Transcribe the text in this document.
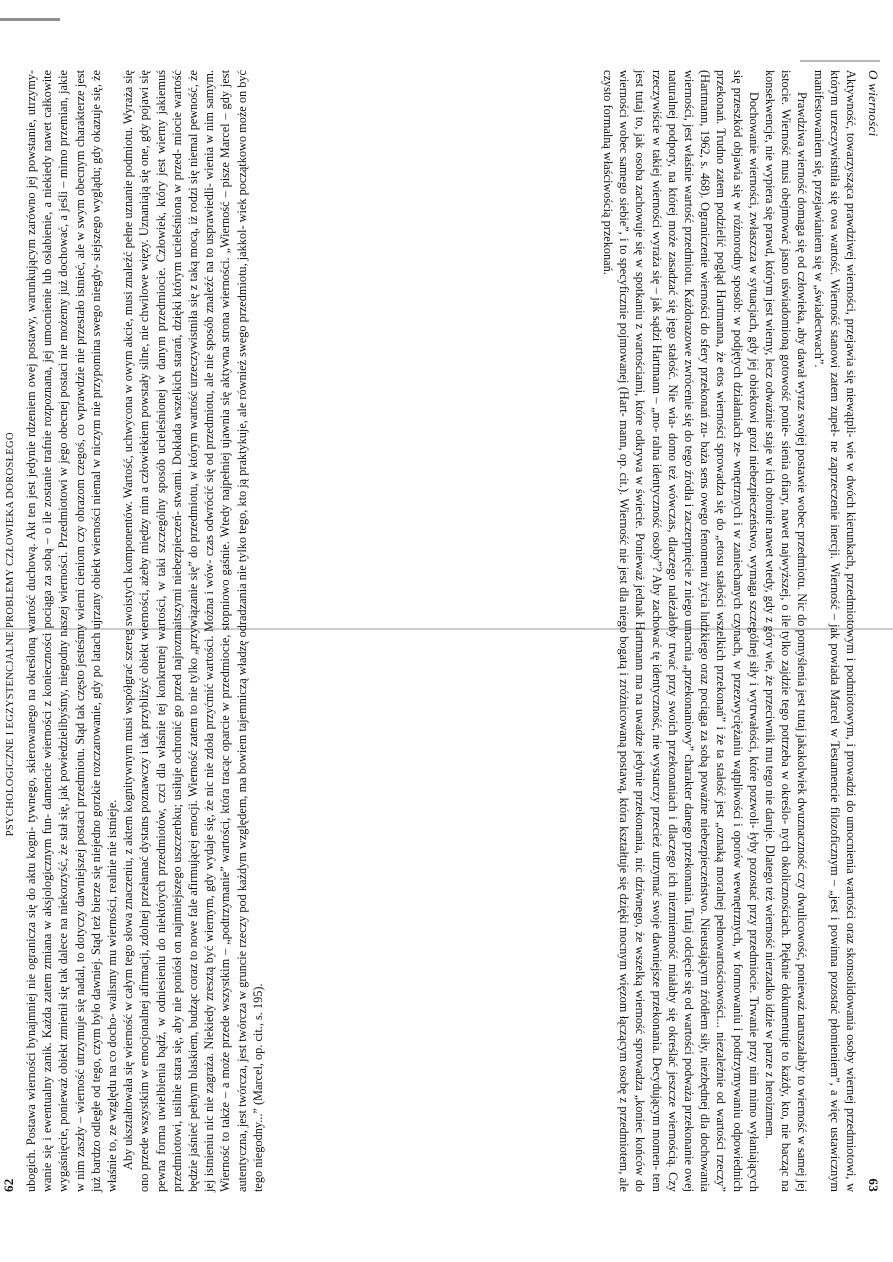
62
PSYCHOLOGICZNE I EGZYSTENCJALNE PROBLEMY CZŁOWIEKA DOROSŁEGO ubogich. Postawa wierności bynajmniej nie ogranicza się do aktu kogni- tywnego, skierowanego na określoną wartość duchową. Akt ten jest jedynie rdzeniem owej postawy, warunkującym zarówno jej powstanie, utrzymy- wanie się i ewentualny zanik. Każda zatem zmiana w aksjologicznym fun- damencie wierności z konieczności pociąga za sobą – o ile zostanie trafnie rozpoznana, jej umocnienie lub osłabienie, a niekiedy nawet całkowite wygaśnięcie, ponieważ obiekt zmienił się tak dalece na niekorzyść, że stał się, jak powiedzielibyśmy, niegodny naszej wierności. Przedmiotowi w jego obecnej postaci nie możemy już dochować, a jeśli – mimo przemian, jakie w nim zaszły – wierność utrzymuje się nadal, to dotyczy dawniejszej postaci przedmiotu. Stąd tak często jesteśmy wierni cieniom czy obrazom czegoś, co wprawdzie nie przestało istnieć, ale w swym obecnym charakterze jest już bardzo odległe od tego, czym było dawniej. Stąd też bierze się niejedno gorzkie rozczarowanie, gdy po latach ujrzany obiekt wierności niemal w niczym nie przypomina swego niegdy- siejszego wyglądu; gdy okazuje się, że właśnie to, ze względu na co docho- walismy mu wierności, realnie nie istnieje. Aby ukształtowała się wierność w całym tego słowa znaczeniu, z aktem kognitywnym musi współgrać szereg swoistych komponentów. Wartość, uchwycona w owym akcie, musi znaleźć pełne uznanie podmiotu. Wyraża się ono przede wszystkim w emocjonalnej afirmacji, zdolnej przełamać dystans poznawczy i tak przybliżyć obiekt wierności, ażeby między nim a człowiekiem powstały silne, nie chwilowe więzy. Uznaniają się one, gdy pojawi się pewna forma uwielbienia bądź, w odniesieniu do niektórych przedmiotów, czci dla właśnie tej konkretnej wartości, w taki szczególny sposób ucieleśnionej w danym przedmiocie. Człowiek, który jest wierny jakiemuś przedmiotowi, usilnie stara się, aby nie poniósł on najmniejszego uszczerbku; usiłuje ochronić go przed najrozmaitszymi niebezpieczeń- stwami. Dokłada wszelkich starań, dzięki którym ucieleśniona w przed- miocie wartość będzie jaśnieć pełnym blaskiem, budząc coraz to nowe fale afirmującej emocji. Wierność zatem to nie tylko „przywiązanie się” do przedmiotu, w którym wartość urzeczywistniła się z taką mocą, iż rodzi się niemal pewność, że jej istnieniu nic nie zagraża. Niekiedy zresztą być wiernym, gdy wydaje się, że nic nie zdoła przyćmić wartości. Można i wów- czas odwrócić się od przedmiotu, ale nie sposób znaleźć na to usprawiedli- wienia w nim samym. Wierność to także – a może przede wszystkim – „podtrzymanie” wartości, która tracąc oparcie w przedmiocie, stopniowo gaśnie. Wtedy najpełniej ujawnia się aktywna strona wierności. „Wierność – pisze Marcel – gdy jest autentyczna, jest twórcza, jest twórcza w gruncie rzeczy pod każdym względem, ma bowiem tajemniczą władzę odradzania nie tylko tego, kto ją praktykuje, ale również swego przedmiotu, jakkol- wiek początkowo może on być tego niegodny...” (Marcel, op. cit., s. 195).

O wierności
63

Aktywność, towarzysząca prawdziwej wierności, przejawia się niewątpli- wie w dwóch kierunkach, przedmiotowym i podmiotowym, i prowadzi do umocnienia wartości oraz skonsolidowania osoby wiernej przedmiotowi, w którym urzeczywistniła się owa wartość. Wierność stanowi zatem zupeł- ne zaprzeczenie inercji. Wierność – jak powiada Marcel w Testamencie filozoficznym – „jest i powinna pozostać płomieniem”, a więc ustawicznym manifestowaniem się, przejawianiem się w „świadectwach”.

Prawdziwa wierność domaga się od człowieka, aby dawał wyraz swojej postawie wobec przedmiotu. Nic do pomyślenia jest tutaj jakakolwiek dwuznaczność czy dwulicowość, ponieważ naruszałaby to wierność w samej jej istocie. Wierność musi obejmować jasno uświadomioną gotowość ponie- sienia ofiary, nawet najwyższej, o ile tylko zajdzie tego potrzeba w określo- nych okolicznościach. Pięknie dokumentuje to każdy, kto, nie bacząc na konsekwencje, nie wypiera się prawd, którym jest wierny, lecz odważnie staje w ich obronie nawet wtedy, gdy z góry wie, że przeciwnik mu tego nie daruje. Dlatego też wierność nierzadko idzie w parze z heroizmem.

Dochowanie wierności, zwłaszcza w sytuacjach, gdy jej obiektowi grozi niebezpieczeństwo, wymaga szczególnej siły i wytrwałości, które pozwoli- łyby pozostać przy przedmiocie. Trwanie przy nim mimo wyłaniających się przeszkód objawia się w różnorodny sposób: w podjętych działaniach ze- wnętrznych i w zaniechanych czynach, w przezwyciężaniu wątpliwości i oporów wewnętrznych, w formowaniu i podtrzymywaniu odpowiednich przekonań. Trudno zatem podzielić pogląd Hartmanna, że etos wierności sprowadza się do „etosu stałości wszelkich przekonań” i że ta stałość jest „oznaką moralnej pełnowartościowości... niezależnie od wartości rzeczy” (Hartmann, 1962, s. 468). Ograniczenie wierności do sfery przekonań zu- baża sens owego fenomenu życia ludzkiego oraz pociąga za sobą poważne niebezpieczeństwo. Nieustającym źródłem siły, niezbędnej dla dochowania wierności, jest właśnie wartość przedmiotu. Każdorazowe zwrócenie się do tego źródła i zaczerpnięcie z niego umacnia „przekonaniowy” charakter danego przekonania. Tutaj odcięcie się od wartości podważa przekonanie owej naturalnej podpory, na której może zasadzać się jego stałość. Nie wia- domo też wówczas, dlaczego należałoby trwać przy swoich przekonaniach i dlaczego ich niezmienność miałaby się określać jeszcze wiernością. Czy rzeczywiście w takiej wierności wyraża się – jak sądzi Hartmann – „mo- ralna identyczność osoby”? Aby zachować tę identyczność, nie wystarczy przecież utrzymać swoje dawniejsze przekonania. Decydującym momen- tem jest tutaj to, jak osoba zachowuje się w spotkaniu z wartościami, które odkrywa w świecie. Ponieważ jednak Hartmann ma na uwadze jedynie przekonania, nic dziwnego, że wszelką wierność sprowadza „koniec końców do wierności wobec samego siebie”, i to specyficznie pojmowanej (Hart- mann, op. cit.). Wierność nie jest dla niego bogatą i zróżnicowaną postawą, która kształtuje się dzięki mocnym więzom łączącym osobę z przedmiotem, ale czysto formalną właściwością przekonań.
